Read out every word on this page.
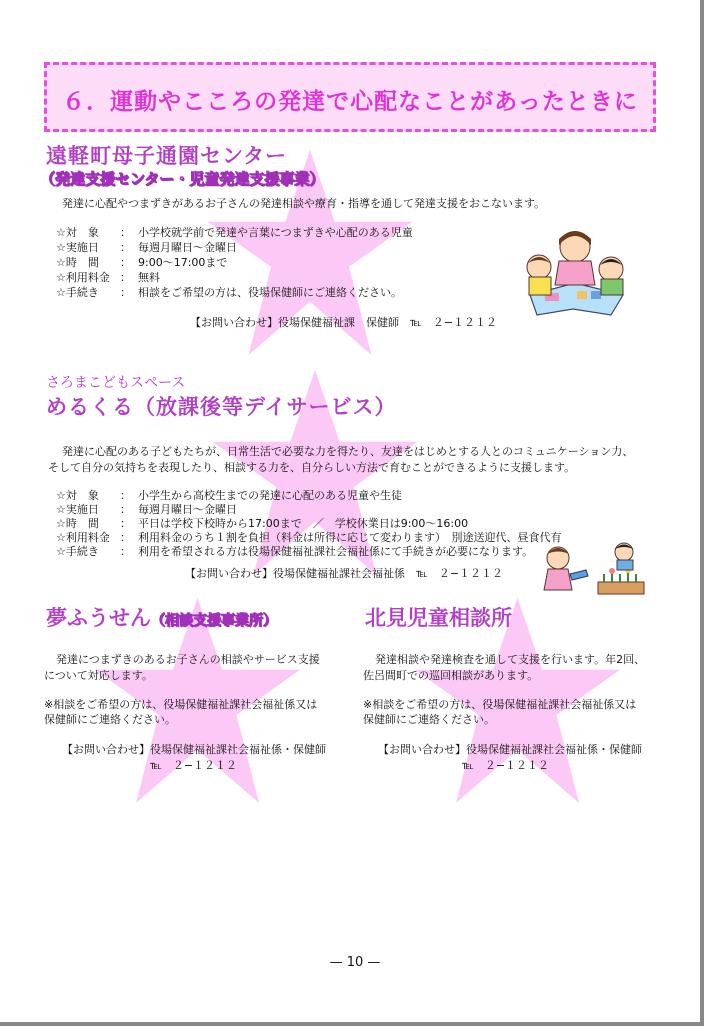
６．運動やこころの発達で心配なことがあったときに
遠軽町母子通園センター
（発達支援センター・児童発達支援事業）
発達に心配やつまずきがあるお子さんの発達相談や療育・指導を通して発達支援をおこないます。
☆対　象 ： 小学校就学前で発達や言葉につまずきや心配のある児童
☆実施日 ： 毎週月曜日〜金曜日
☆時　間 ： 9:00〜17:00まで
☆利用料金 ： 無料
☆手続き ： 相談をご希望の方は、役場保健師にご連絡ください。
【お問い合わせ】役場保健福祉課　保健師　℡　２−１２１２
さろまこどもスペース
めるくる（放課後等デイサービス）
発達に心配のある子どもたちが、日常生活で必要な力を得たり、友達をはじめとする人とのコミュニケーション力、
そして自分の気持ちを表現したり、相談する力を、自分らしい方法で育むことができるように支援します。
☆対　象 ： 小学生から高校生までの発達に心配のある児童や生徒
☆実施日 ： 毎週月曜日〜金曜日
☆時　間 ： 平日は学校下校時から17:00まで　／　学校休業日は9:00〜16:00
☆利用料金 ： 利用料金のうち１割を負担（料金は所得に応じて変わります）　別途送迎代、昼食代有
☆手続き ： 利用を希望される方は役場保健福祉課社会福祉係にて手続きが必要になります。
【お問い合わせ】役場保健福祉課社会福祉係　℡　２−１２１２
夢ふうせん（相談支援事業所）
発達につまずきのあるお子さんの相談やサービス支援
について対応します。
※相談をご希望の方は、役場保健福祉課社会福祉係又は
保健師にご連絡ください。
【お問い合わせ】役場保健福祉課社会福祉係・保健師
℡　２−１２１２
北見児童相談所
発達相談や発達検査を通して支援を行います。年2回、
佐呂間町での巡回相談があります。
※相談をご希望の方は、役場保健福祉課社会福祉係又は
保健師にご連絡ください。
【お問い合わせ】役場保健福祉課社会福祉係・保健師
℡　２−１２１２
— 10 —
